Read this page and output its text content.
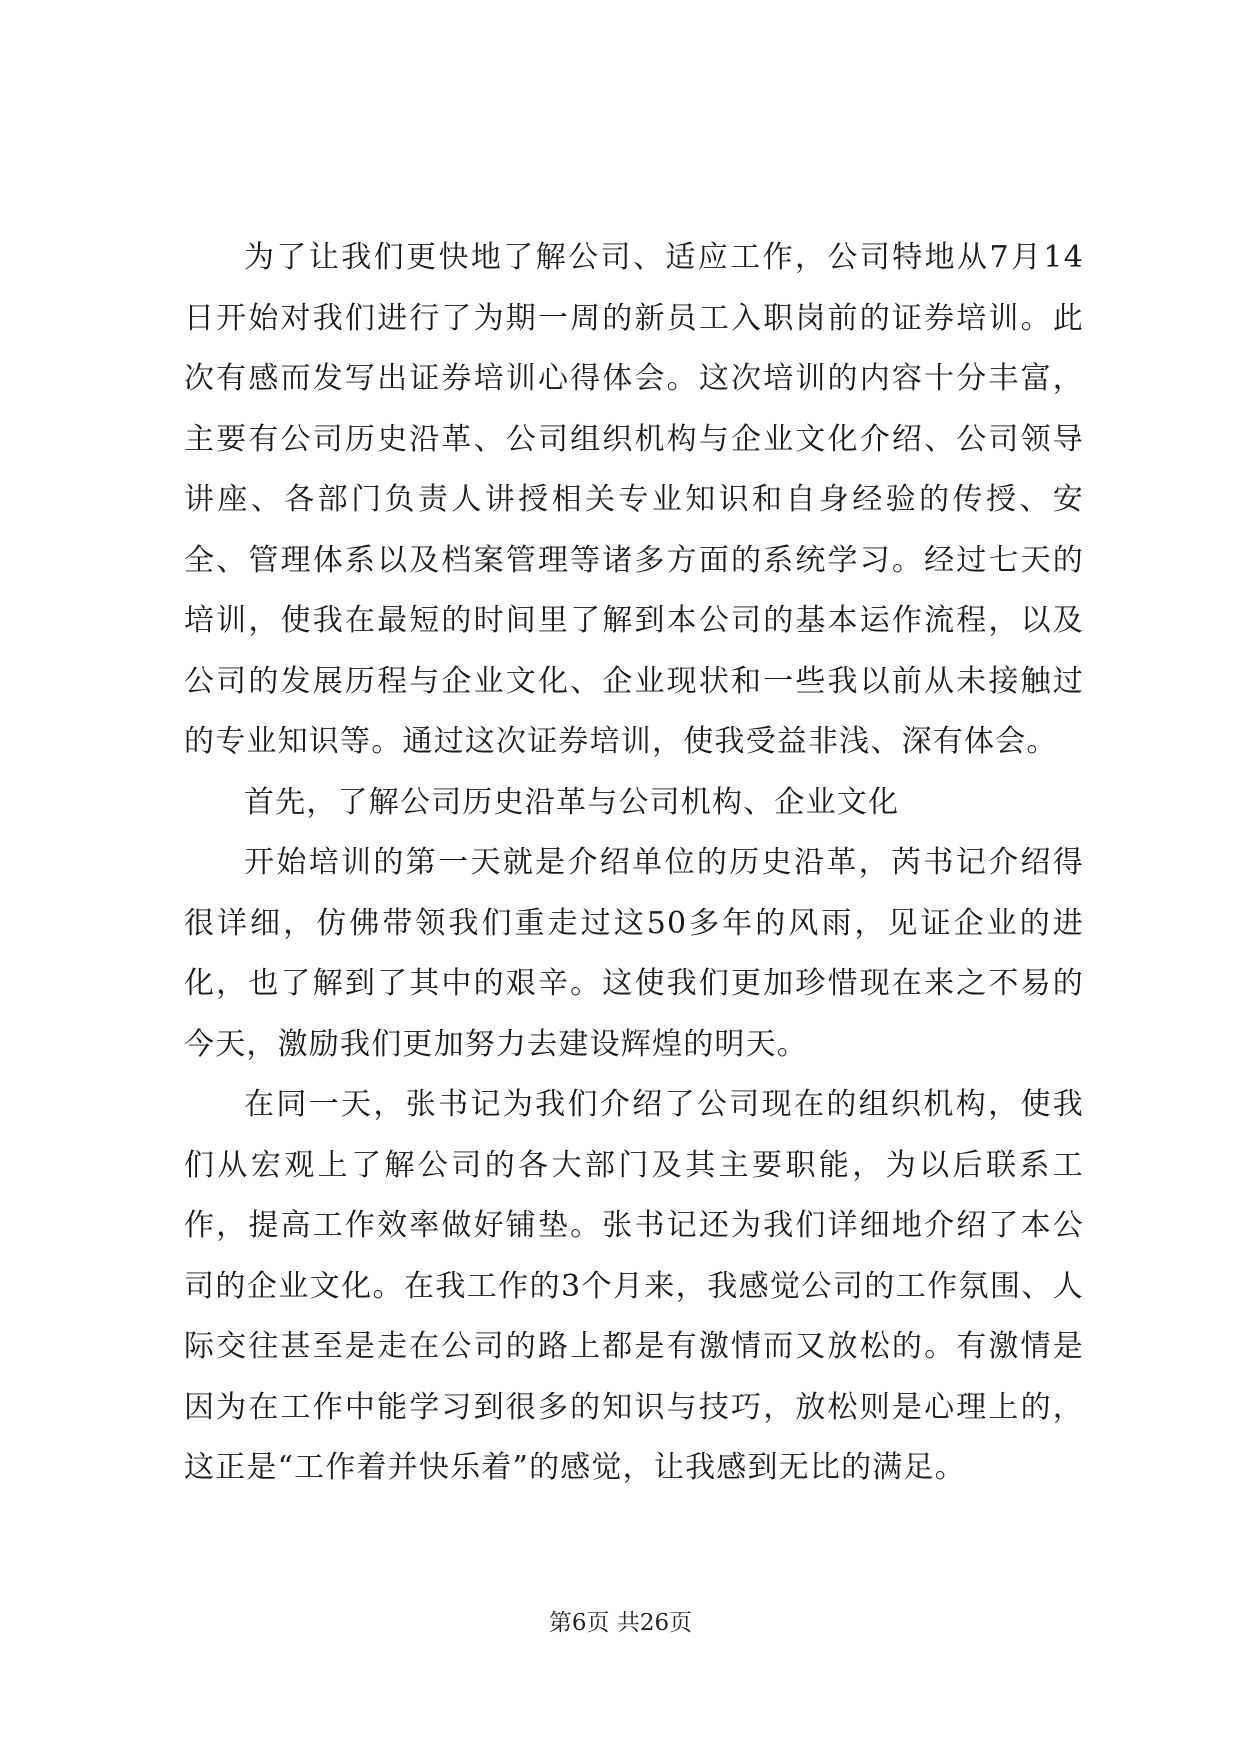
为了让我们更快地了解公司、适应工作，公司特地从7月14日开始对我们进行了为期一周的新员工入职岗前的证券培训。此次有感而发写出证券培训心得体会。这次培训的内容十分丰富，主要有公司历史沿革、公司组织机构与企业文化介绍、公司领导讲座、各部门负责人讲授相关专业知识和自身经验的传授、安全、管理体系以及档案管理等诸多方面的系统学习。经过七天的培训，使我在最短的时间里了解到本公司的基本运作流程，以及公司的发展历程与企业文化、企业现状和一些我以前从未接触过的专业知识等。通过这次证券培训，使我受益非浅、深有体会。

首先，了解公司历史沿革与公司机构、企业文化

开始培训的第一天就是介绍单位的历史沿革，芮书记介绍得很详细，仿佛带领我们重走过这50多年的风雨，见证企业的进化，也了解到了其中的艰辛。这使我们更加珍惜现在来之不易的今天，激励我们更加努力去建设辉煌的明天。

在同一天，张书记为我们介绍了公司现在的组织机构，使我们从宏观上了解公司的各大部门及其主要职能，为以后联系工作，提高工作效率做好铺垫。张书记还为我们详细地介绍了本公司的企业文化。在我工作的3个月来，我感觉公司的工作氛围、人际交往甚至是走在公司的路上都是有激情而又放松的。有激情是因为在工作中能学习到很多的知识与技巧，放松则是心理上的，这正是“工作着并快乐着”的感觉，让我感到无比的满足。

第6页 共26页
